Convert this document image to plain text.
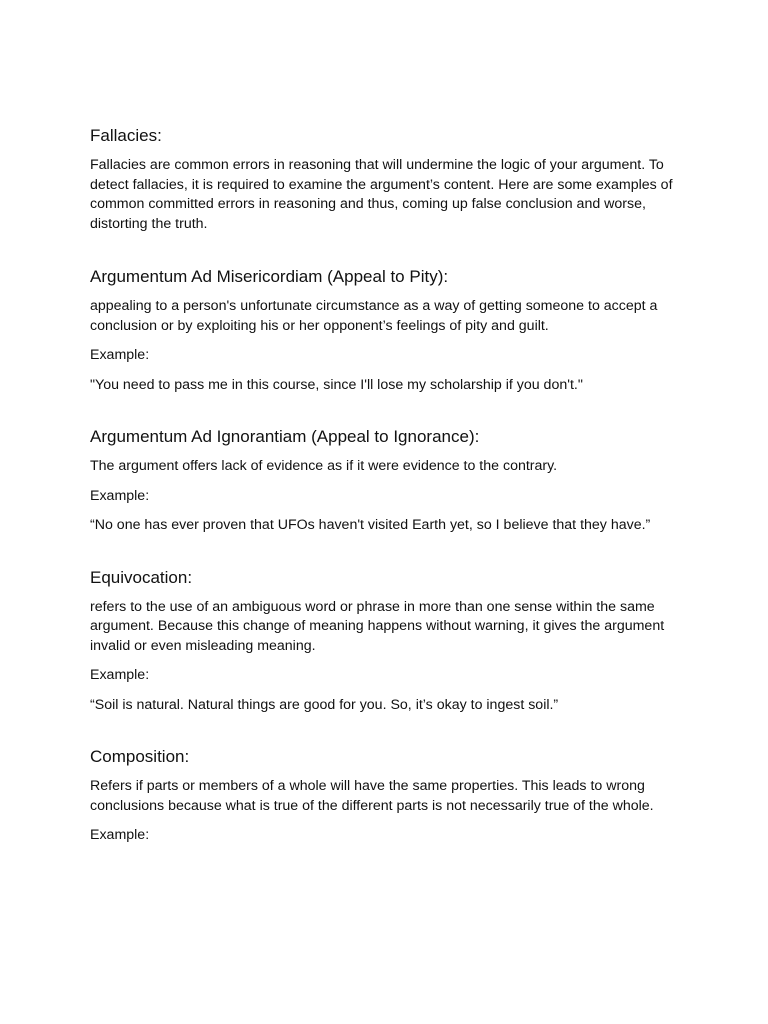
Fallacies:

Fallacies are common errors in reasoning that will undermine the logic of your argument. To detect fallacies, it is required to examine the argument’s content. Here are some examples of common committed errors in reasoning and thus, coming up false conclusion and worse, distorting the truth.

Argumentum Ad Misericordiam (Appeal to Pity):

appealing to a person's unfortunate circumstance as a way of getting someone to accept a conclusion or by exploiting his or her opponent’s feelings of pity and guilt.

Example:

"You need to pass me in this course, since I'll lose my scholarship if you don't."

Argumentum Ad Ignorantiam (Appeal to Ignorance):

The argument offers lack of evidence as if it were evidence to the contrary.

Example:

“No one has ever proven that UFOs haven't visited Earth yet, so I believe that they have.”

Equivocation:

refers to the use of an ambiguous word or phrase in more than one sense within the same argument. Because this change of meaning happens without warning, it gives the argument invalid or even misleading meaning.

Example:

“Soil is natural. Natural things are good for you. So, it’s okay to ingest soil.”

Composition:

Refers if parts or members of a whole will have the same properties. This leads to wrong conclusions because what is true of the different parts is not necessarily true of the whole.

Example:
